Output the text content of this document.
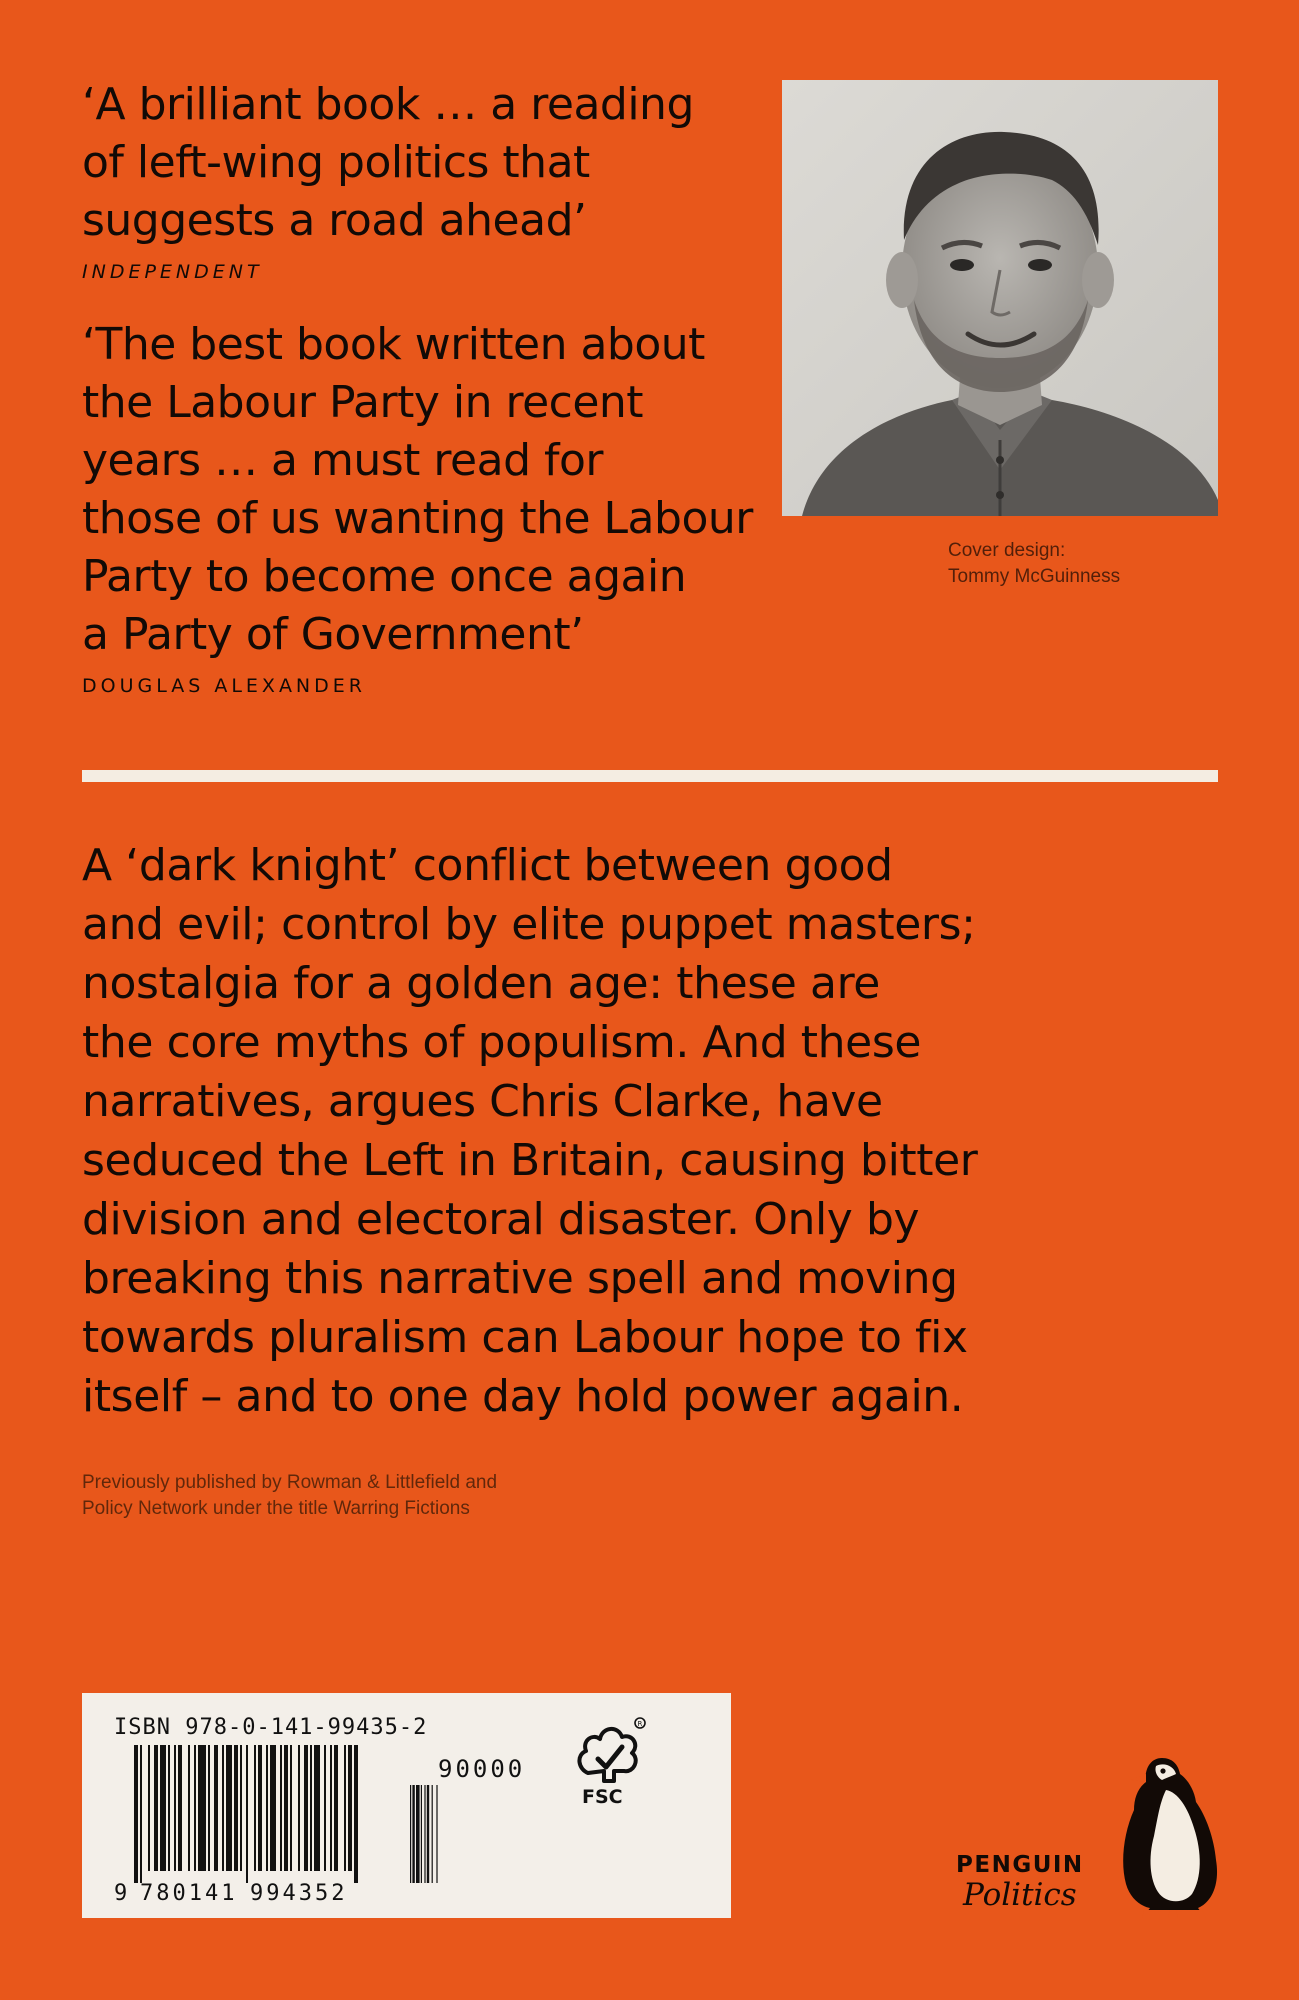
‘A brilliant book … a reading
of left-wing politics that
suggests a road ahead’

INDEPENDENT

‘The best book written about
the Labour Party in recent
years … a must read for
those of us wanting the Labour
Party to become once again
a Party of Government’

DOUGLAS ALEXANDER
Cover design:
Tommy McGuinness
A ‘dark knight’ conflict between good
and evil; control by elite puppet masters;
nostalgia for a golden age: these are
the core myths of populism. And these
narratives, argues Chris Clarke, have
seduced the Left in Britain, causing bitter
division and electoral disaster. Only by
breaking this narrative spell and moving
towards pluralism can Labour hope to fix
itself – and to one day hold power again.
Previously published by Rowman & Littlefield and
Policy Network under the title Warring Fictions
ISBN 978-0-141-99435-2
9 780141 994352
90000
R
FSC
PENGUIN
Politics
